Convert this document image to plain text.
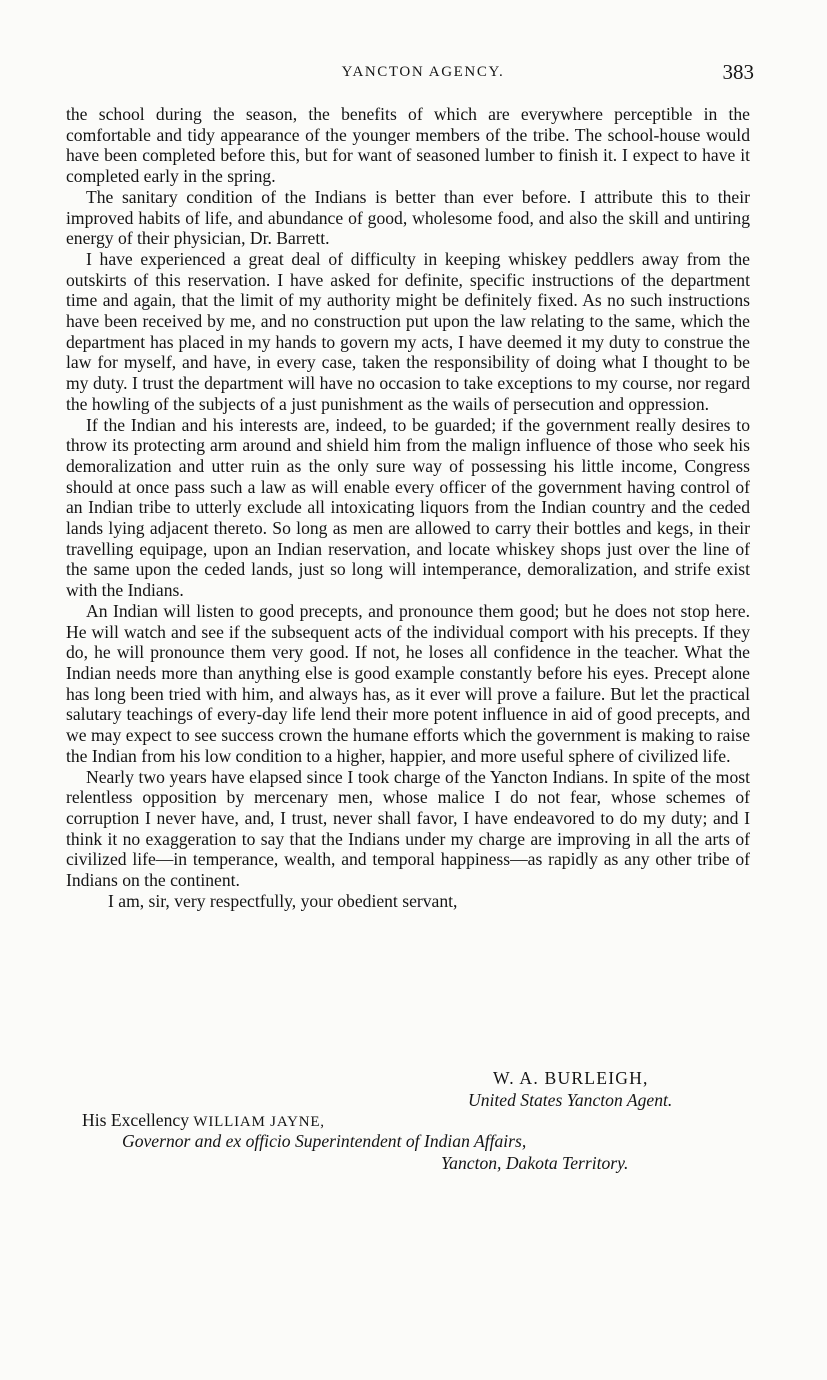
YANCTON AGENCY.	383

the school during the season, the benefits of which are everywhere perceptible in the comfortable and tidy appearance of the younger members of the tribe. The school-house would have been completed before this, but for want of seasoned lumber to finish it. I expect to have it completed early in the spring.

The sanitary condition of the Indians is better than ever before. I attribute this to their improved habits of life, and abundance of good, wholesome food, and also the skill and untiring energy of their physician, Dr. Barrett.

I have experienced a great deal of difficulty in keeping whiskey peddlers away from the outskirts of this reservation. I have asked for definite, specific instructions of the department time and again, that the limit of my authority might be definitely fixed. As no such instructions have been received by me, and no construction put upon the law relating to the same, which the department has placed in my hands to govern my acts, I have deemed it my duty to construe the law for myself, and have, in every case, taken the responsibility of doing what I thought to be my duty. I trust the department will have no occasion to take exceptions to my course, nor regard the howling of the subjects of a just punishment as the wails of persecution and oppression.

If the Indian and his interests are, indeed, to be guarded; if the government really desires to throw its protecting arm around and shield him from the malign influence of those who seek his demoralization and utter ruin as the only sure way of possessing his little income, Congress should at once pass such a law as will enable every officer of the government having control of an Indian tribe to utterly exclude all intoxicating liquors from the Indian country and the ceded lands lying adjacent thereto. So long as men are allowed to carry their bottles and kegs, in their travelling equipage, upon an Indian reservation, and locate whiskey shops just over the line of the same upon the ceded lands, just so long will intemperance, demoralization, and strife exist with the Indians.

An Indian will listen to good precepts, and pronounce them good; but he does not stop here. He will watch and see if the subsequent acts of the individual comport with his precepts. If they do, he will pronounce them very good. If not, he loses all confidence in the teacher. What the Indian needs more than anything else is good example constantly before his eyes. Precept alone has long been tried with him, and always has, as it ever will prove a failure. But let the practical salutary teachings of every-day life lend their more potent influence in aid of good precepts, and we may expect to see success crown the humane efforts which the government is making to raise the Indian from his low condition to a higher, happier, and more useful sphere of civilized life.

Nearly two years have elapsed since I took charge of the Yancton Indians. In spite of the most relentless opposition by mercenary men, whose malice I do not fear, whose schemes of corruption I never have, and, I trust, never shall favor, I have endeavored to do my duty; and I think it no exaggeration to say that the Indians under my charge are improving in all the arts of civilized life—in temperance, wealth, and temporal happiness—as rapidly as any other tribe of Indians on the continent.

I am, sir, very respectfully, your obedient servant,

W. A. BURLEIGH,
United States Yancton Agent.
His Excellency WILLIAM JAYNE,
Governor and ex officio Superintendent of Indian Affairs,
Yancton, Dakota Territory.
